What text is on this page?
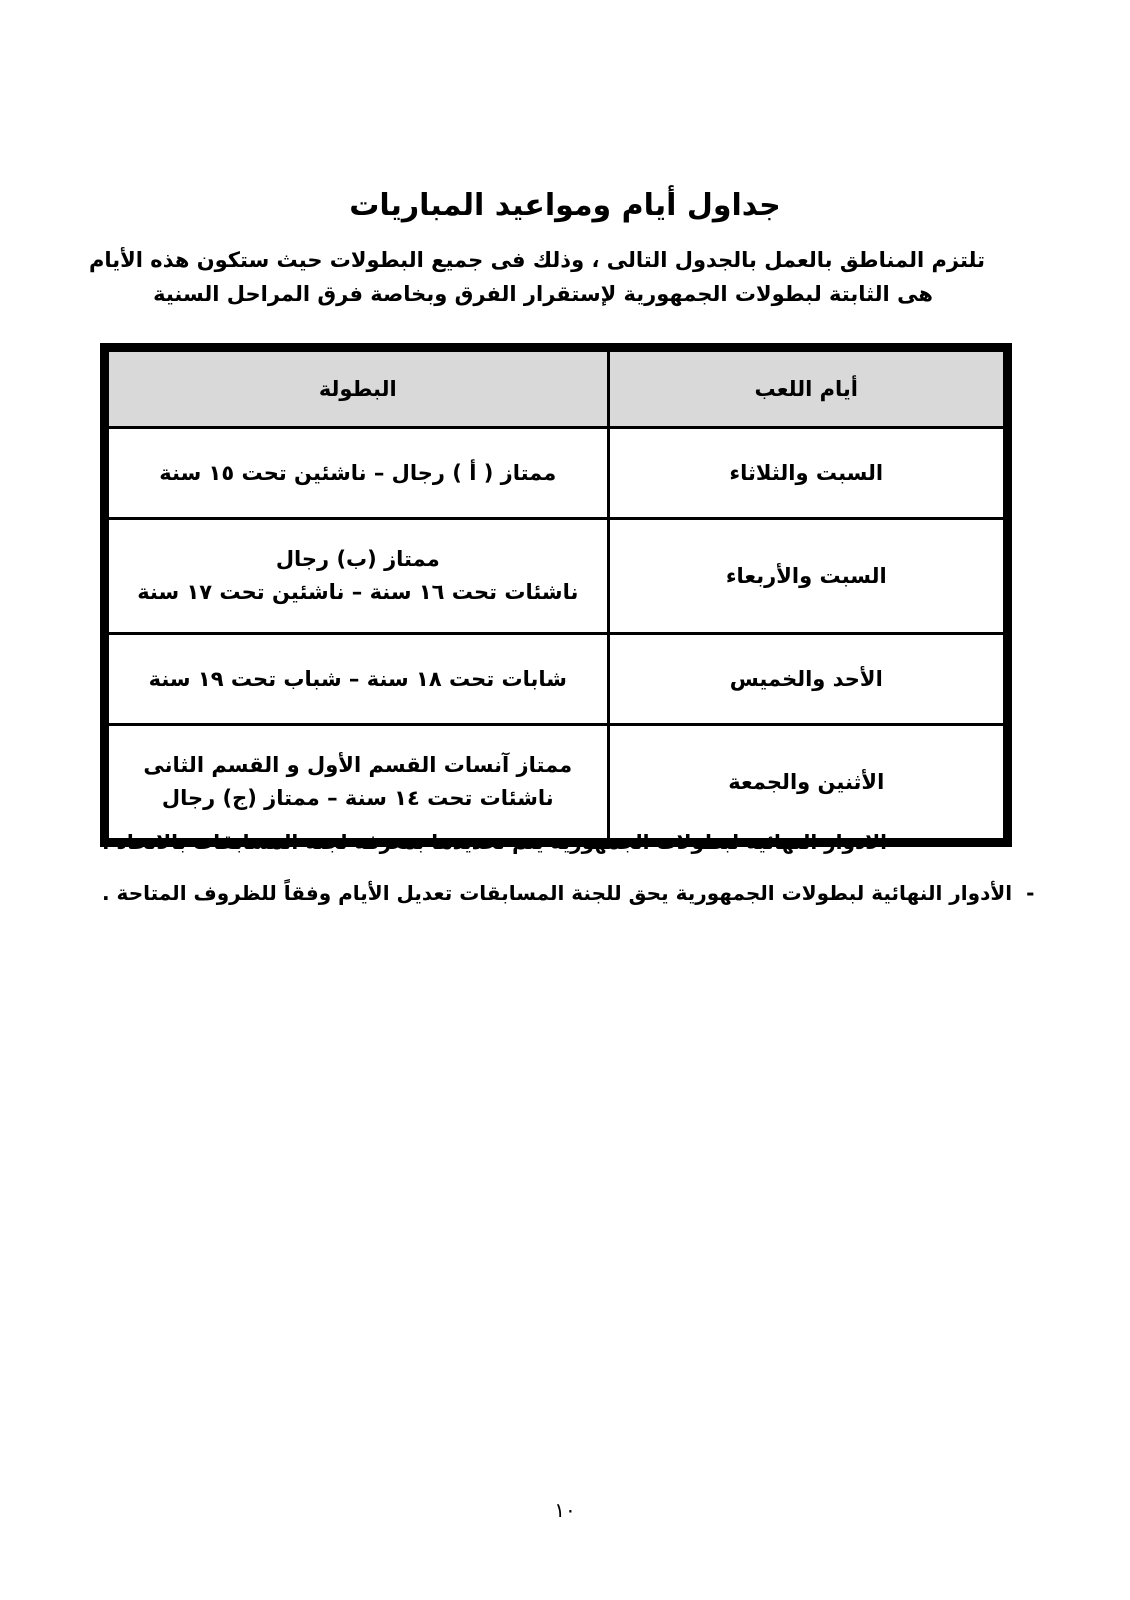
جداول أيام ومواعيد المباريات
تلتزم المناطق بالعمل بالجدول التالى ، وذلك فى جميع البطولات حيث ستكون هذه الأيام
هى الثابتة لبطولات الجمهورية لإستقرار الفرق وبخاصة فرق المراحل السنية
أيام اللعب	البطولة
السبت والثلاثاء	ممتاز ( أ ) رجال – ناشئين تحت ١٥ سنة

السبت والأربعاء	ممتاز (ب) رجال
ناشئات تحت ١٦ سنة – ناشئين تحت ١٧ سنة

الأحد والخميس	شابات تحت ١٨ سنة – شباب تحت ١٩ سنة

الأثنين والجمعة	ممتاز آنسات القسم الأول و القسم الثانى
ناشئات تحت ١٤ سنة – ممتاز (ج) رجال
-
الادوار النهائية لبطولات الجمهورية يتم تحديدها بمعرفة لجنة المسابقات بالاتحاد .
-
الأدوار النهائية لبطولات الجمهورية يحق للجنة المسابقات تعديل الأيام وفقاً للظروف المتاحة .
١٠
